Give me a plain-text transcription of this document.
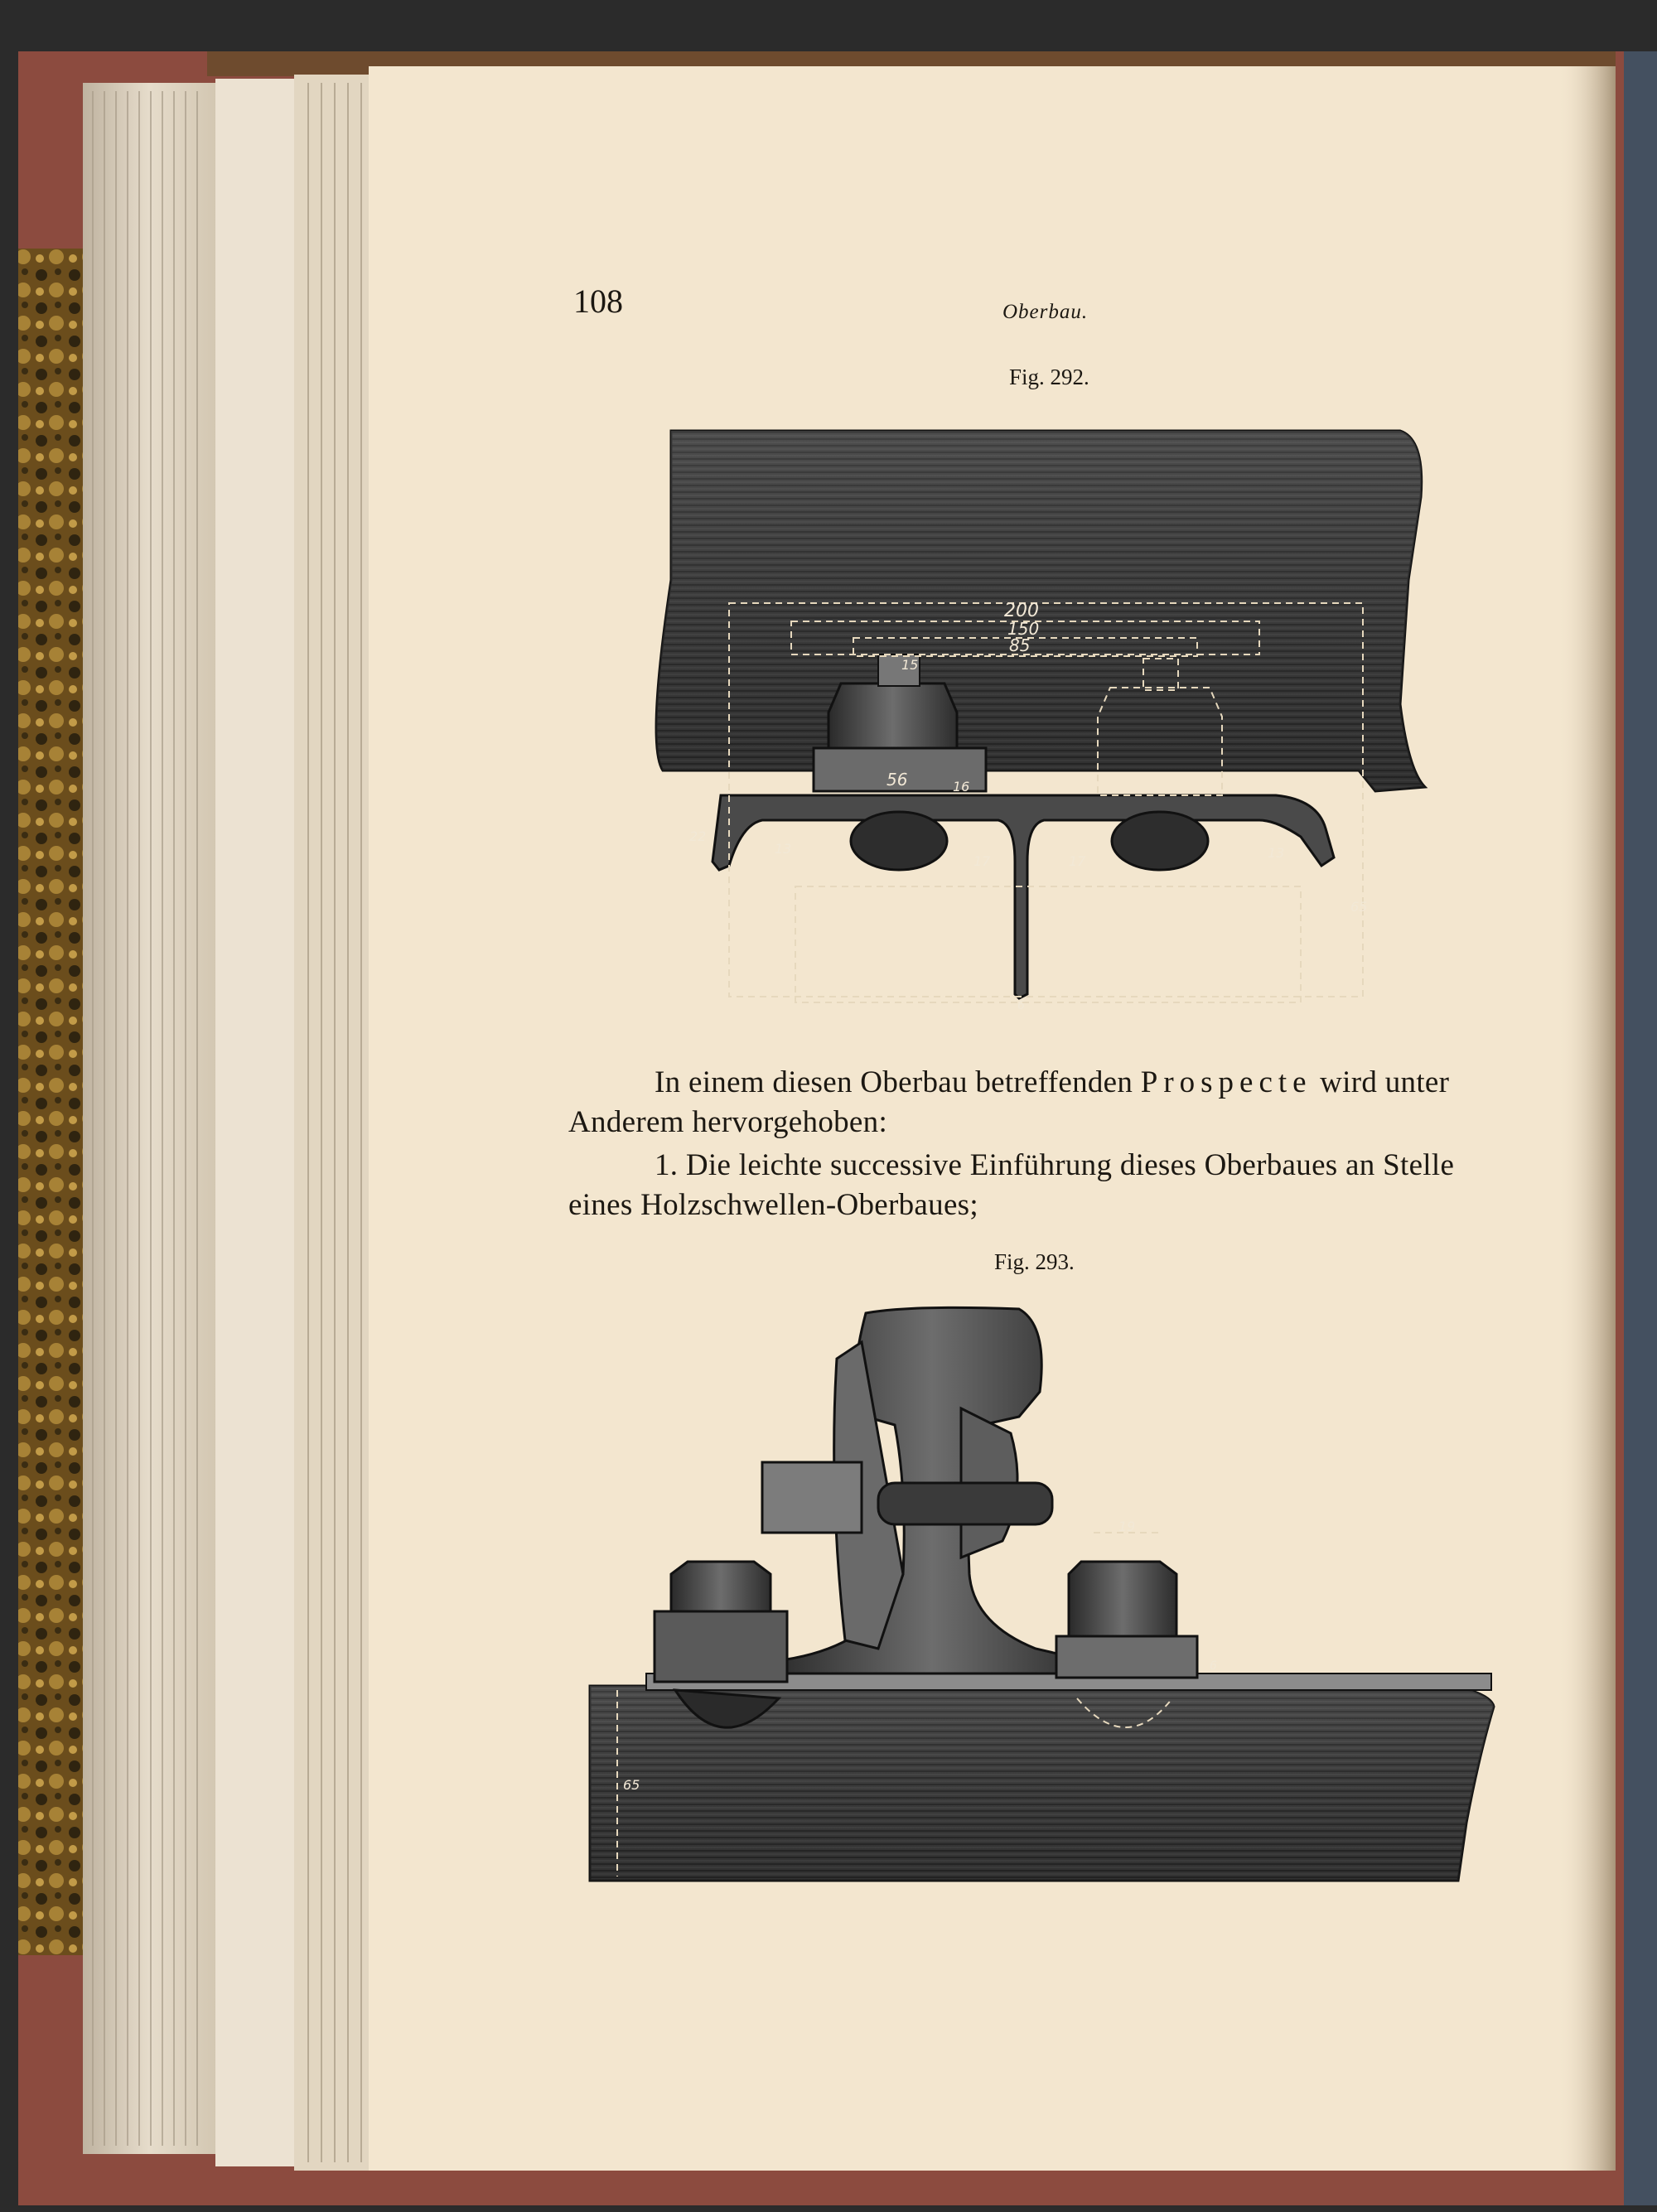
200
150
85
15
56	16
22
13
17	17
13
65
6
19
6
65
108	Oberbau.
Fig. 292.
In einem diesen Oberbau betreffenden Prospecte wird unter
Anderem hervorgehoben:
1. Die leichte successive Einführung dieses Oberbaues an Stelle
eines Holzschwellen-Oberbaues;
Fig. 293.
